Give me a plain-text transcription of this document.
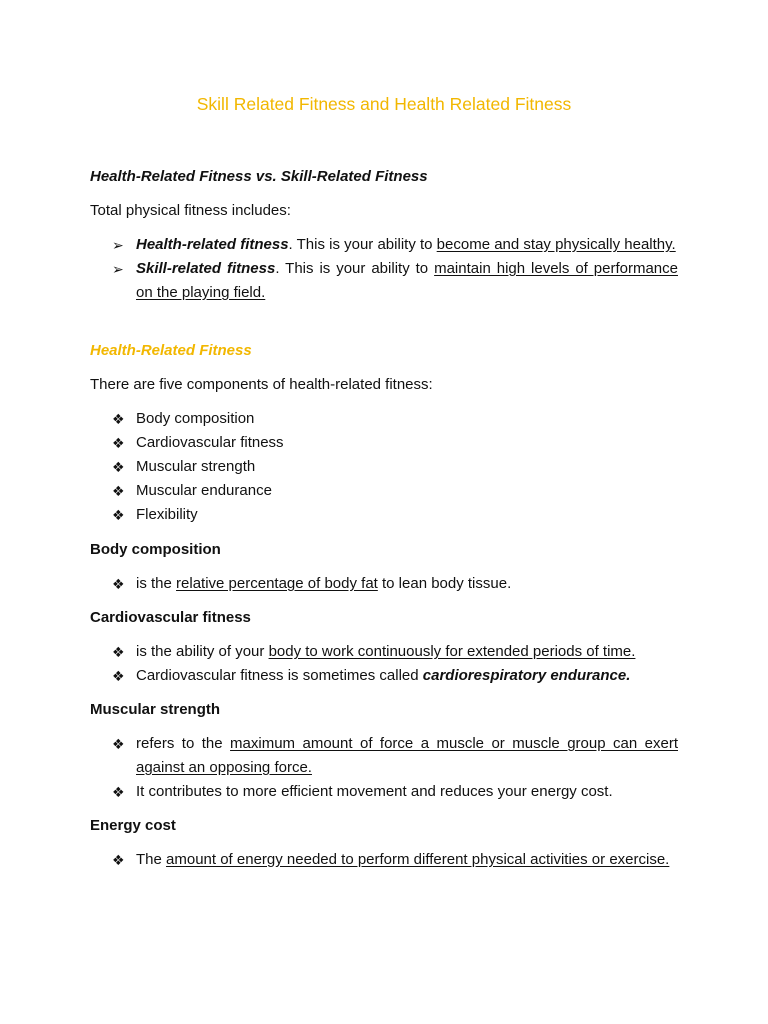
Skill Related Fitness and Health Related Fitness
Health-Related Fitness vs. Skill-Related Fitness
Total physical fitness includes:
➢ Health-related fitness. This is your ability to become and stay physically healthy.
➢ Skill-related fitness. This is your ability to maintain high levels of performance on the playing field.
Health-Related Fitness
There are five components of health-related fitness:
❖ Body composition
❖ Cardiovascular fitness
❖ Muscular strength
❖ Muscular endurance
❖ Flexibility
Body composition
❖ is the relative percentage of body fat to lean body tissue.
Cardiovascular fitness
❖ is the ability of your body to work continuously for extended periods of time.
❖ Cardiovascular fitness is sometimes called cardiorespiratory endurance.
Muscular strength
❖ refers to the maximum amount of force a muscle or muscle group can exert against an opposing force.
❖ It contributes to more efficient movement and reduces your energy cost.
Energy cost
❖ The amount of energy needed to perform different physical activities or exercise.
